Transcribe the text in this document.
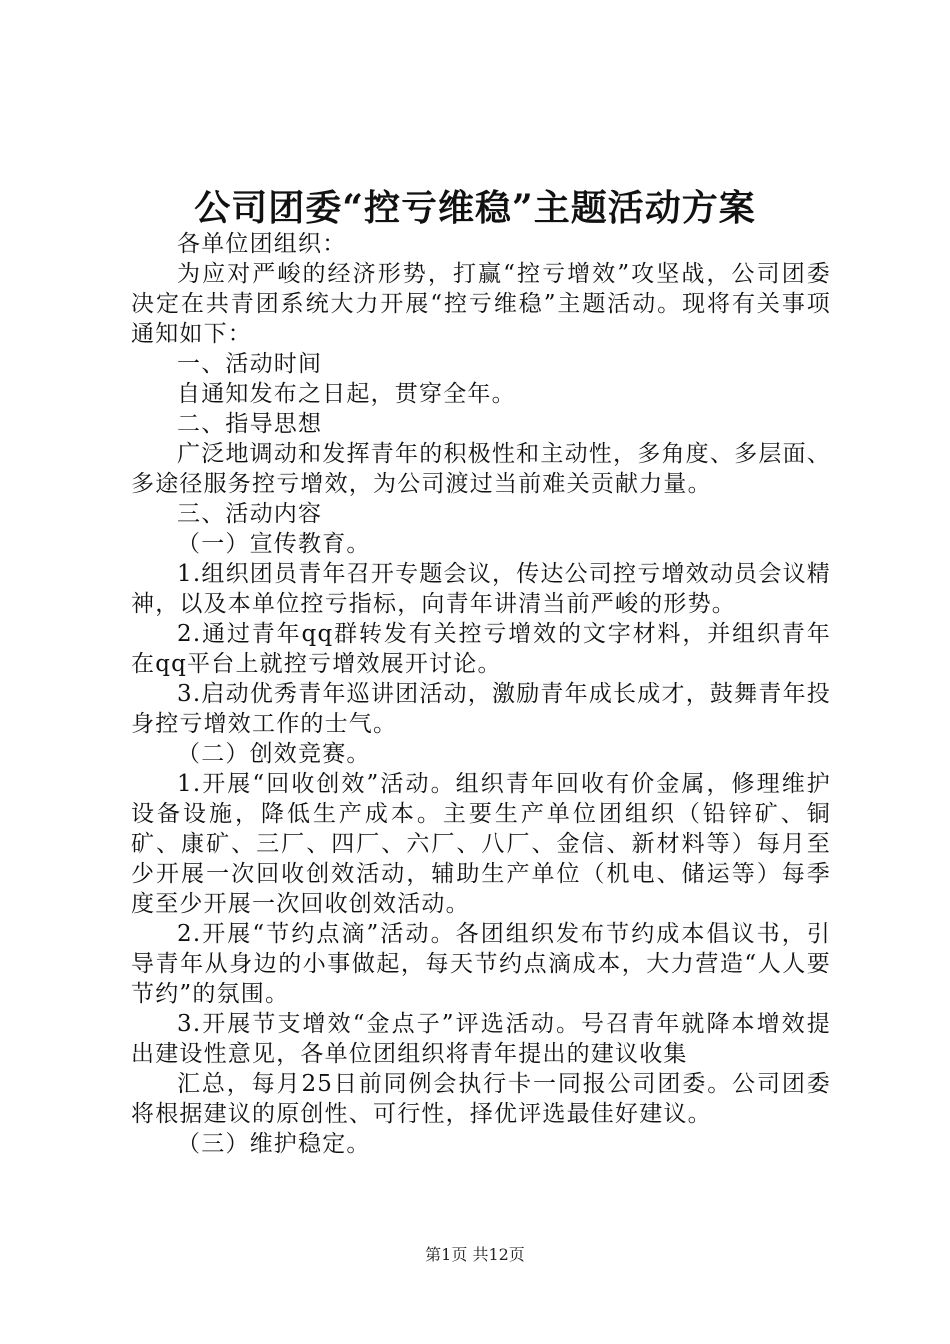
公司团委“控亏维稳”主题活动方案

各单位团组织：

为应对严峻的经济形势，打赢“控亏增效”攻坚战，公司团委决定在共青团系统大力开展“控亏维稳”主题活动。现将有关事项通知如下：

一、活动时间

自通知发布之日起，贯穿全年。

二、指导思想

广泛地调动和发挥青年的积极性和主动性，多角度、多层面、多途径服务控亏增效，为公司渡过当前难关贡献力量。

三、活动内容

（一）宣传教育。

1.组织团员青年召开专题会议，传达公司控亏增效动员会议精神，以及本单位控亏指标，向青年讲清当前严峻的形势。

2.通过青年qq群转发有关控亏增效的文字材料，并组织青年在qq平台上就控亏增效展开讨论。

3.启动优秀青年巡讲团活动，激励青年成长成才，鼓舞青年投身控亏增效工作的士气。

（二）创效竞赛。

1.开展“回收创效”活动。组织青年回收有价金属，修理维护设备设施，降低生产成本。主要生产单位团组织（铅锌矿、铜矿、康矿、三厂、四厂、六厂、八厂、金信、新材料等）每月至少开展一次回收创效活动，辅助生产单位（机电、储运等）每季度至少开展一次回收创效活动。

2.开展“节约点滴”活动。各团组织发布节约成本倡议书，引导青年从身边的小事做起，每天节约点滴成本，大力营造“人人要节约”的氛围。

3.开展节支增效“金点子”评选活动。号召青年就降本增效提出建设性意见，各单位团组织将青年提出的建议收集

汇总，每月25日前同例会执行卡一同报公司团委。公司团委将根据建议的原创性、可行性，择优评选最佳好建议。

（三）维护稳定。

第1页 共12页
